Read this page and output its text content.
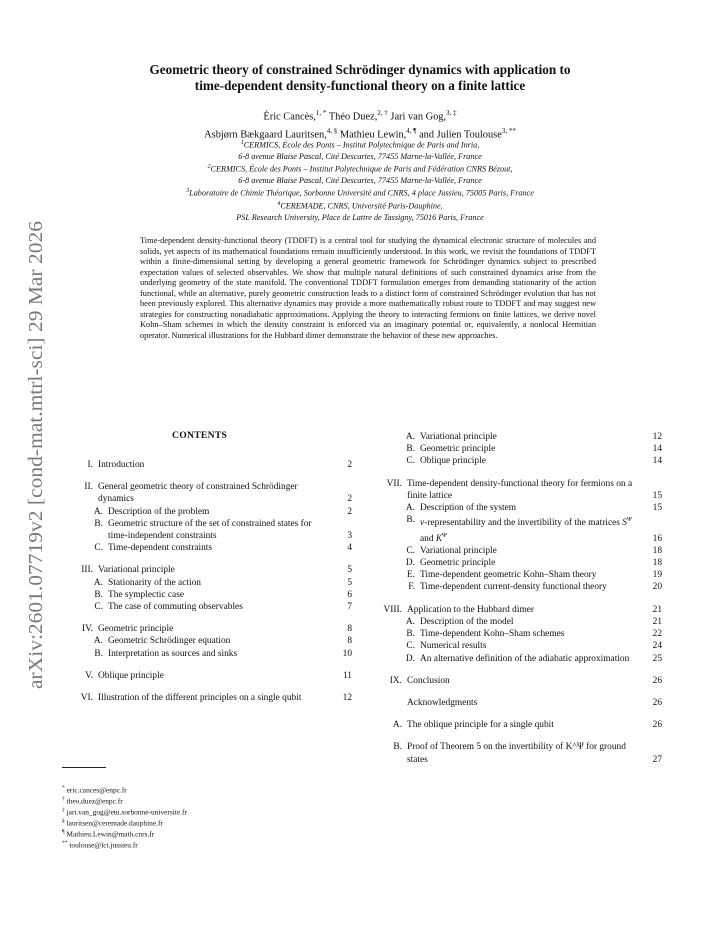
arXiv:2601.07719v2 [cond-mat.mtrl-sci] 29 Mar 2026
Geometric theory of constrained Schrödinger dynamics with application to
time-dependent density-functional theory on a finite lattice
Éric Cancès,$^{1, *}$ Théo Duez,$^{2, \dagger}$ Jari van Gog,$^{3, \ddagger}$
Asbjørn Bækgaard Lauritsen,$^{4, \S}$ Mathieu Lewin,$^{4, \P}$ and Julien Toulouse$^{3, **}$
$^1$CERMICS, École des Ponts – Institut Polytechnique de Paris and Inria,
6-8 avenue Blaise Pascal, Cité Descartes, 77455 Marne-la-Vallée, France
$^2$CERMICS, École des Ponts – Institut Polytechnique de Paris and Fédération CNRS Bézout,
6-8 avenue Blaise Pascal, Cité Descartes, 77455 Marne-la-Vallée, France
$^3$Laboratoire de Chimie Théorique, Sorbonne Université and CNRS, 4 place Jussieu, 75005 Paris, France
$^4$CEREMADE, CNRS, Université Paris-Dauphine,
PSL Research University, Place de Lattre de Tassigny, 75016 Paris, France
Time-dependent density-functional theory (TDDFT) is a central tool for studying the dynamical electronic structure of molecules and solids, yet aspects of its mathematical foundations remain insufficiently understood. In this work, we revisit the foundations of TDDFT within a finite-dimensional setting by developing a general geometric framework for Schrödinger dynamics subject to prescribed expectation values of selected observables. We show that multiple natural definitions of such constrained dynamics arise from the underlying geometry of the state manifold. The conventional TDDFT formulation emerges from demanding stationarity of the action functional, while an alternative, purely geometric construction leads to a distinct form of constrained Schrödinger evolution that has not been previously explored. This alternative dynamics may provide a more mathematically robust route to TDDFT and may suggest new strategies for constructing nonadiabatic approximations. Applying the theory to interacting fermions on finite lattices, we derive novel Kohn–Sham schemes in which the density constraint is enforced via an imaginary potential or, equivalently, a nonlocal Hermitian operator. Numerical illustrations for the Hubbard dimer demonstrate the behavior of these new approaches.
CONTENTS
I. Introduction	2
II. General geometric theory of constrained Schrödinger dynamics	2
A. Description of the problem	2
B. Geometric structure of the set of constrained states for time-independent constraints	3
C. Time-dependent constraints	4
III. Variational principle	5
A. Stationarity of the action	5
B. The symplectic case	6
C. The case of commuting observables	7
IV. Geometric principle	8
A. Geometric Schrödinger equation	8
B. Interpretation as sources and sinks	10
V. Oblique principle	11
VI. Illustration of the different principles on a single qubit	12
A. Variational principle	12
B. Geometric principle	14
C. Oblique principle	14
VII. Time-dependent density-functional theory for fermions on a finite lattice	15
A. Description of the system	15
B. v-representability and the invertibility of the matrices $S^\Psi$ and $K^\Psi$	16
C. Variational principle	18
D. Geometric principle	18
E. Time-dependent geometric Kohn–Sham theory	19
F. Time-dependent current-density functional theory	20
VIII. Application to the Hubbard dimer	21
A. Description of the model	21
B. Time-dependent Kohn–Sham schemes	22
C. Numerical results	24
D. An alternative definition of the adiabatic approximation	25
IX. Conclusion	26
Acknowledgments	26
A. The oblique principle for a single qubit	26
B. Proof of Theorem 5 on the invertibility of K^Ψ for ground states	27
* eric.cances@enpc.fr
† theo.duez@enpc.fr
‡ jari.van_gog@etu.sorbonne-universite.fr
§ lauritsen@ceremade.dauphine.fr
¶ Mathieu.Lewin@math.cnrs.fr
** toulouse@lct.jussieu.fr
